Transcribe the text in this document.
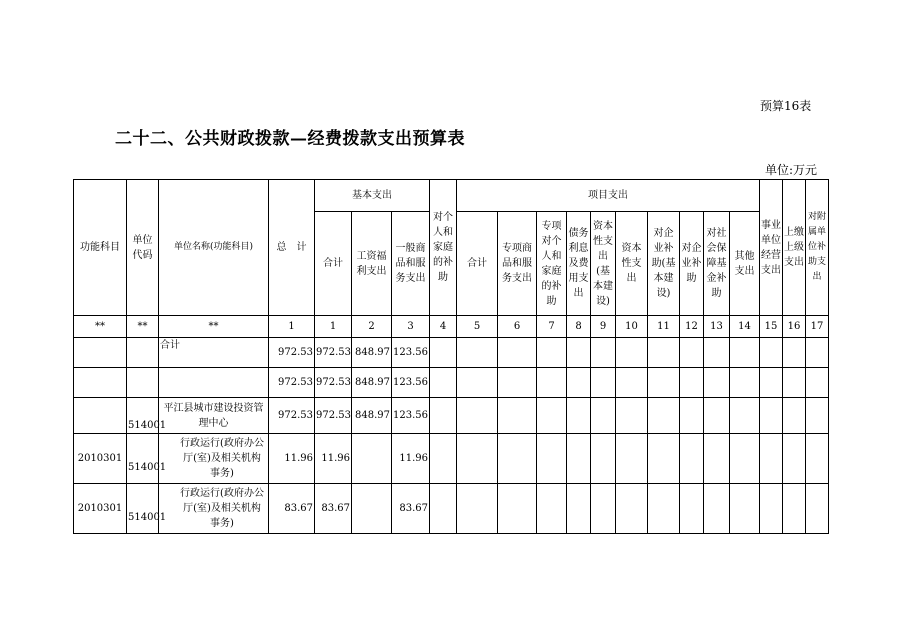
预算16表
二十二、公共财政拨款—经费拨款支出预算表
单位:万元
功能科目	单位代码	单位名称(功能科目)	总　计	基本支出			对个人和家庭的补助	项目支出										事业单位经营支出	上缴上级支出	对附属单位补助支出
				合计	工资福利支出	一般商品和服务支出		合计	专项商品和服务支出	专项对个人和家庭的补助	债务利息及费用支出	资本性支出(基本建设)	资本性支出	对企业补助(基本建设)	对企业补助	对社会保障基金补助	其他支出			
**	**	**	1	1	2	3	4	5	6	7	8	9	10	11	12	13	14	15	16	17
		合计	972.53	972.53	848.97	123.56														
			972.53	972.53	848.97	123.56														
	514001	平江县城市建设投资管理中心	972.53	972.53	848.97	123.56														
2010301	514001	行政运行(政府办公厅(室)及相关机构事务)	11.96	11.96		11.96														
2010301	514001	行政运行(政府办公厅(室)及相关机构事务)	83.67	83.67		83.67														
